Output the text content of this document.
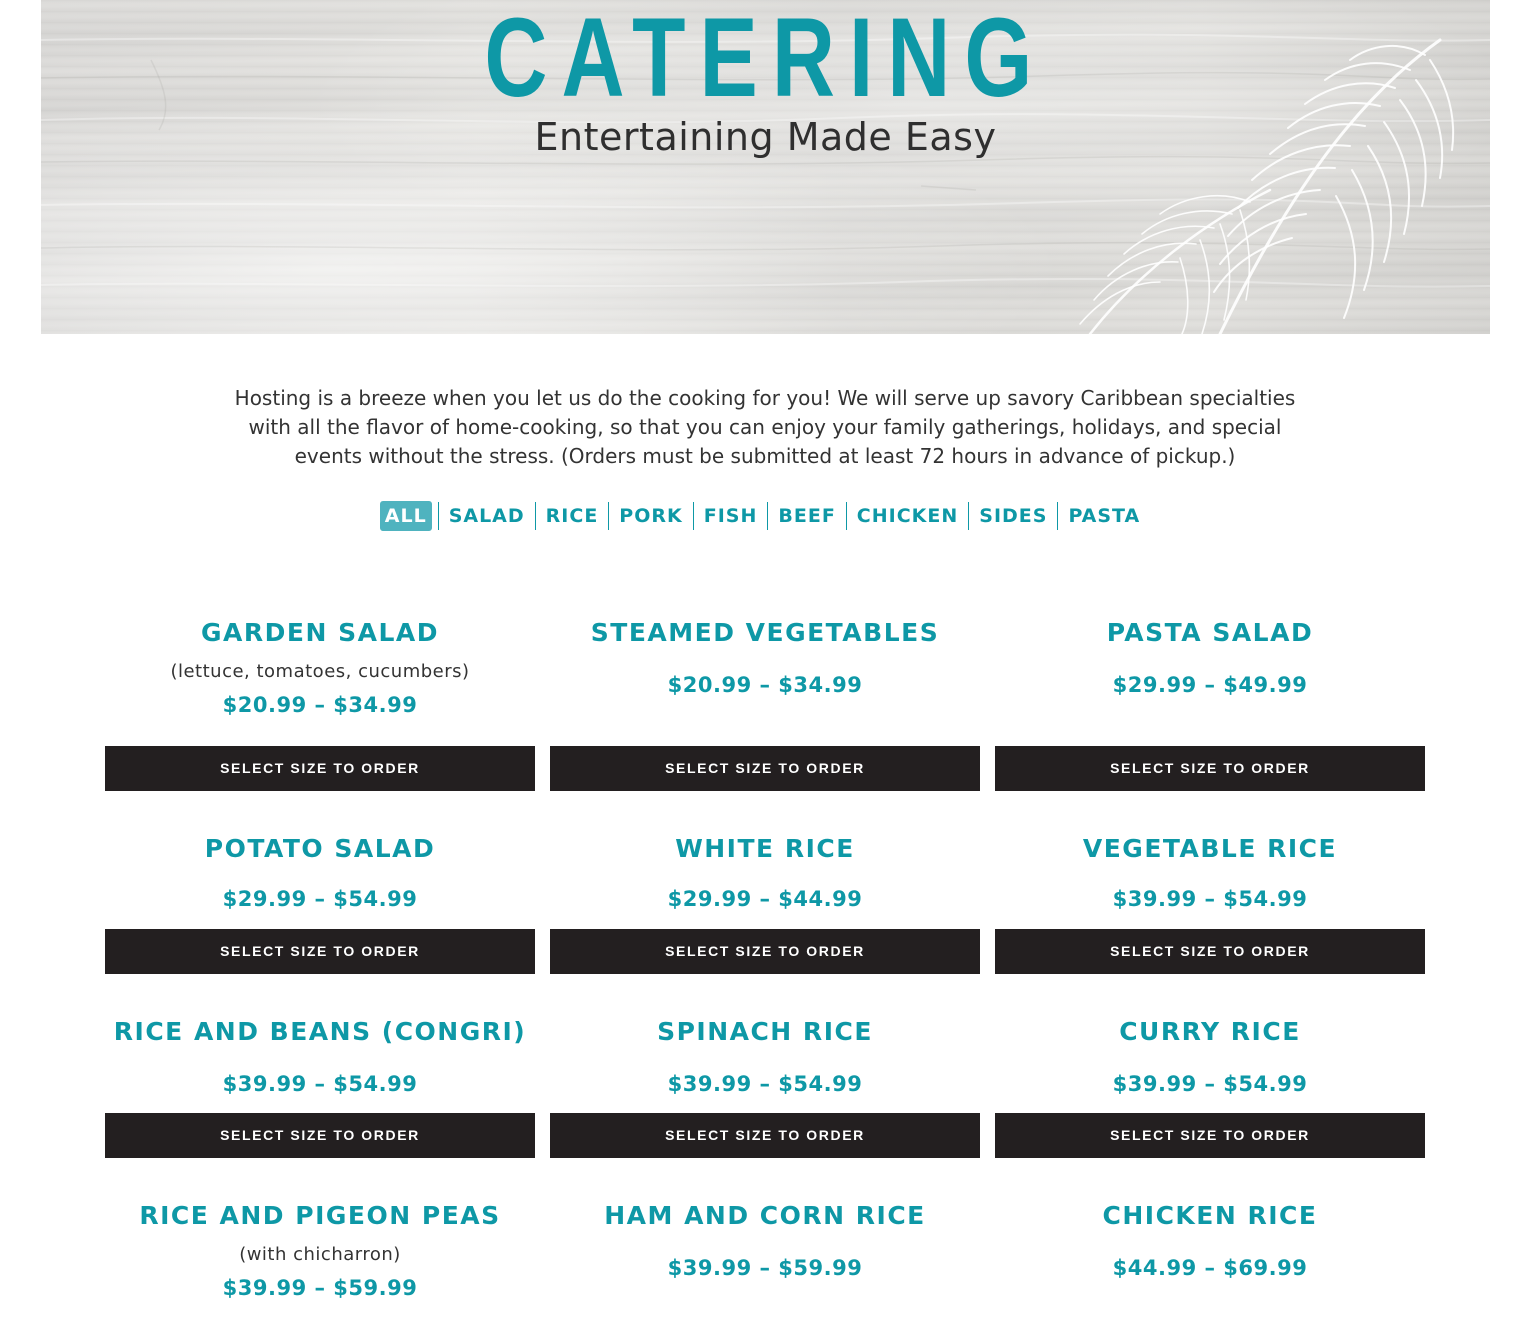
CATERING
Entertaining Made Easy
Hosting is a breeze when you let us do the cooking for you! We will serve up savory Caribbean specialties with all the flavor of home-cooking, so that you can enjoy your family gatherings, holidays, and special events without the stress. (Orders must be submitted at least 72 hours in advance of pickup.)
ALL	SALAD	RICE	PORK	FISH	BEEF	CHICKEN	SIDES	PASTA
GARDEN SALAD
(lettuce, tomatoes, cucumbers)
$20.99 – $34.99
STEAMED VEGETABLES
$20.99 – $34.99
PASTA SALAD
$29.99 – $49.99
SELECT SIZE TO ORDER	SELECT SIZE TO ORDER	SELECT SIZE TO ORDER
POTATO SALAD
$29.99 – $54.99
WHITE RICE
$29.99 – $44.99
VEGETABLE RICE
$39.99 – $54.99
SELECT SIZE TO ORDER	SELECT SIZE TO ORDER	SELECT SIZE TO ORDER
RICE AND BEANS (CONGRI)
$39.99 – $54.99
SPINACH RICE
$39.99 – $54.99
CURRY RICE
$39.99 – $54.99
SELECT SIZE TO ORDER	SELECT SIZE TO ORDER	SELECT SIZE TO ORDER
RICE AND PIGEON PEAS
(with chicharron)
$39.99 – $59.99
HAM AND CORN RICE
$39.99 – $59.99
CHICKEN RICE
$44.99 – $69.99
